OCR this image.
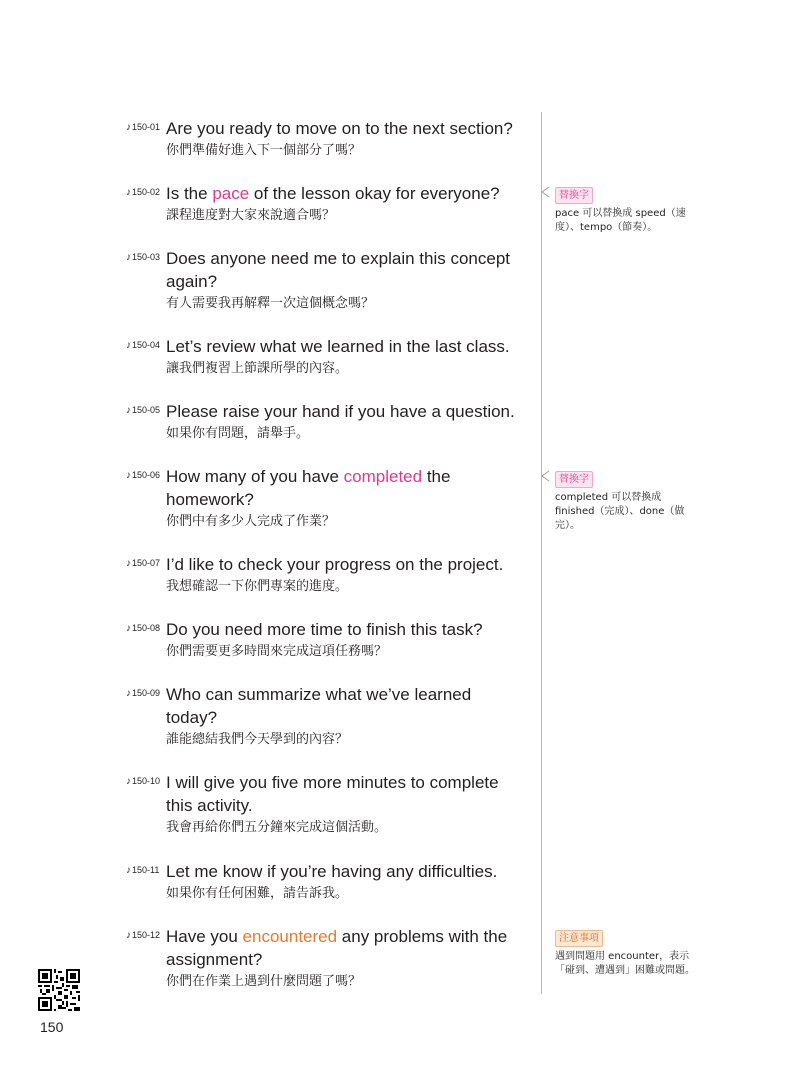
♪150-01 Are you ready to move on to the next section?
你們準備好進入下一個部分了嗎？
♪150-02 Is the pace of the lesson okay for everyone?
課程進度對大家來說適合嗎？
♪150-03 Does anyone need me to explain this concept
again?
有人需要我再解釋一次這個概念嗎？
♪150-04 Let’s review what we learned in the last class.
讓我們複習上節課所學的內容。
♪150-05 Please raise your hand if you have a question.
如果你有問題，請舉手。
♪150-06 How many of you have completed the
homework?
你們中有多少人完成了作業？
♪150-07 I’d like to check your progress on the project.
我想確認一下你們專案的進度。
♪150-08 Do you need more time to finish this task?
你們需要更多時間來完成這項任務嗎？
♪150-09 Who can summarize what we’ve learned
today?
誰能總結我們今天學到的內容？
♪150-10 I will give you five more minutes to complete
this activity.
我會再給你們五分鐘來完成這個活動。
♪150-11 Let me know if you’re having any difficulties.
如果你有任何困難，請告訴我。
♪150-12 Have you encountered any problems with the
assignment?
你們在作業上遇到什麼問題了嗎？
替換字
pace 可以替換成 speed（速
度）、tempo（節奏）。
替換字
completed 可以替換成
finished（完成）、done（做
完）。
注意事項
遇到問題用 encounter，表示
「碰到、遭遇到」困難或問題。
150
